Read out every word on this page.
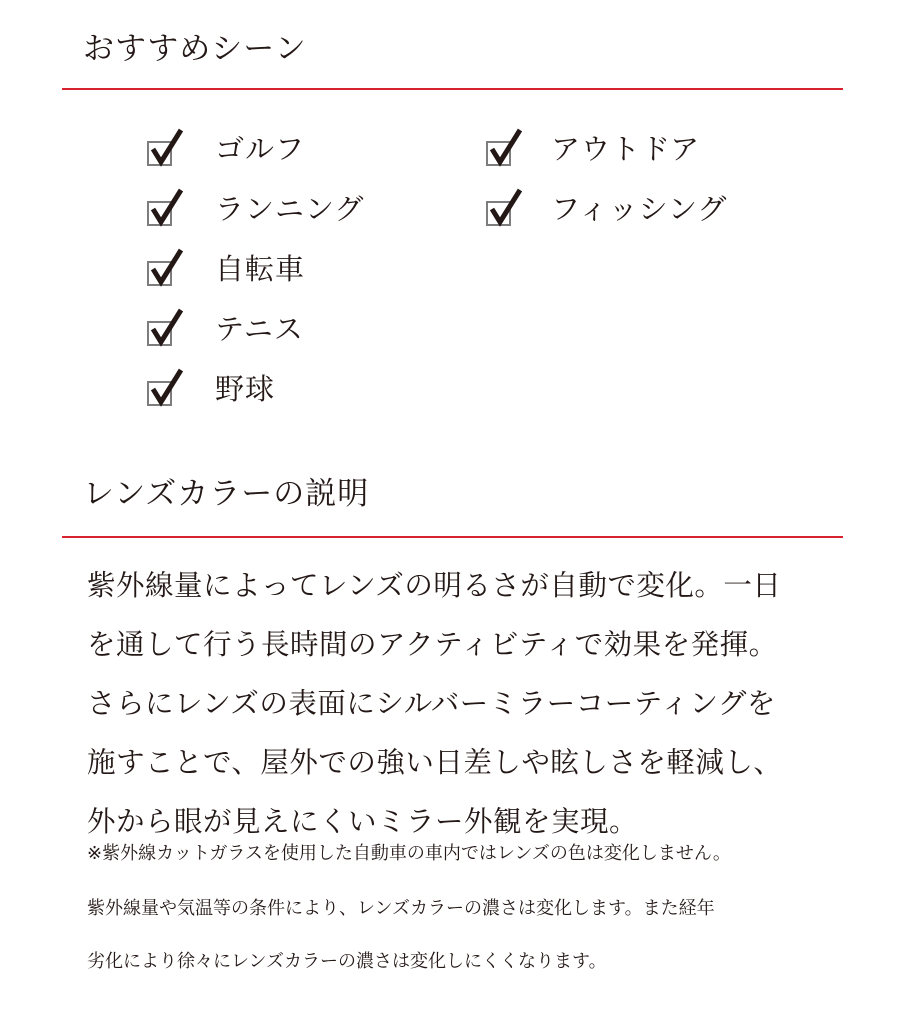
おすすめシーン
ゴルフ
ランニング
自転車
テニス
野球
アウトドア
フィッシング
レンズカラーの説明

紫外線量によってレンズの明るさが自動で変化。一日
を通して行う長時間のアクティビティで効果を発揮。
さらにレンズの表面にシルバーミラーコーティングを
施すことで、屋外での強い日差しや眩しさを軽減し、
外から眼が見えにくいミラー外観を実現。

※紫外線カットガラスを使用した自動車の車内ではレンズの色は変化しません。

紫外線量や気温等の条件により、レンズカラーの濃さは変化します。また経年

劣化により徐々にレンズカラーの濃さは変化しにくくなります。
